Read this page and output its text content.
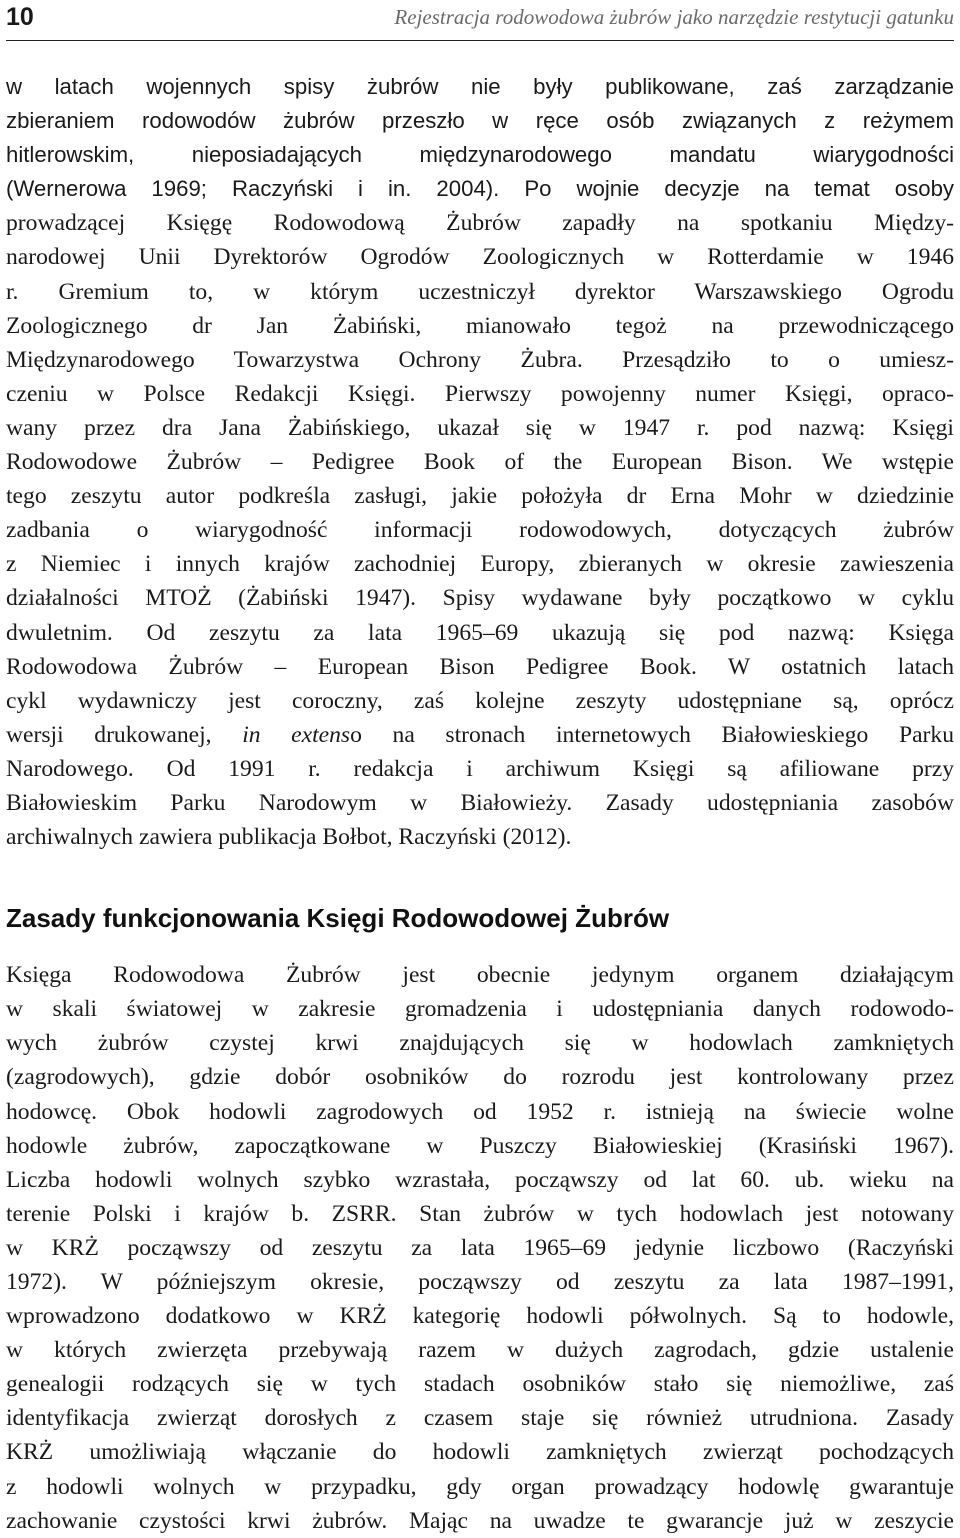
10	Rejestracja rodowodowa żubrów jako narzędzie restytucji gatunku

w latach wojennych spisy żubrów nie były publikowane, zaś zarządzanie
zbieraniem rodowodów żubrów przeszło w ręce osób związanych z reżymem
hitlerowskim, nieposiadających międzynarodowego mandatu wiarygodności
(Wernerowa 1969; Raczyński i in. 2004). Po wojnie decyzje na temat osoby
prowadzącej Księgę Rodowodową Żubrów zapadły na spotkaniu Między-
narodowej Unii Dyrektorów Ogrodów Zoologicznych w Rotterdamie w 1946
r. Gremium to, w którym uczestniczył dyrektor Warszawskiego Ogrodu
Zoologicznego dr Jan Żabiński, mianowało tegoż na przewodniczącego
Międzynarodowego Towarzystwa Ochrony Żubra. Przesądziło to o umiesz-
czeniu w Polsce Redakcji Księgi. Pierwszy powojenny numer Księgi, opraco-
wany przez dra Jana Żabińskiego, ukazał się w 1947 r. pod nazwą: Księgi
Rodowodowe Żubrów – Pedigree Book of the European Bison. We wstępie
tego zeszytu autor podkreśla zasługi, jakie położyła dr Erna Mohr w dziedzinie
zadbania o wiarygodność informacji rodowodowych, dotyczących żubrów
z Niemiec i innych krajów zachodniej Europy, zbieranych w okresie zawieszenia
działalności MTOŻ (Żabiński 1947). Spisy wydawane były początkowo w cyklu
dwuletnim. Od zeszytu za lata 1965–69 ukazują się pod nazwą: Księga
Rodowodowa Żubrów – European Bison Pedigree Book. W ostatnich latach
cykl wydawniczy jest coroczny, zaś kolejne zeszyty udostępniane są, oprócz
wersji drukowanej, in extenso na stronach internetowych Białowieskiego Parku
Narodowego. Od 1991 r. redakcja i archiwum Księgi są afiliowane przy
Białowieskim Parku Narodowym w Białowieży. Zasady udostępniania zasobów
archiwalnych zawiera publikacja Bołbot, Raczyński (2012).

Zasady funkcjonowania Księgi Rodowodowej Żubrów

Księga Rodowodowa Żubrów jest obecnie jedynym organem działającym
w skali światowej w zakresie gromadzenia i udostępniania danych rodowodo-
wych żubrów czystej krwi znajdujących się w hodowlach zamkniętych
(zagrodowych), gdzie dobór osobników do rozrodu jest kontrolowany przez
hodowcę. Obok hodowli zagrodowych od 1952 r. istnieją na świecie wolne
hodowle żubrów, zapoczątkowane w Puszczy Białowieskiej (Krasiński 1967).
Liczba hodowli wolnych szybko wzrastała, począwszy od lat 60. ub. wieku na
terenie Polski i krajów b. ZSRR. Stan żubrów w tych hodowlach jest notowany
w KRŻ począwszy od zeszytu za lata 1965–69 jedynie liczbowo (Raczyński
1972). W późniejszym okresie, począwszy od zeszytu za lata 1987–1991,
wprowadzono dodatkowo w KRŻ kategorię hodowli półwolnych. Są to hodowle,
w których zwierzęta przebywają razem w dużych zagrodach, gdzie ustalenie
genealogii rodzących się w tych stadach osobników stało się niemożliwe, zaś
identyfikacja zwierząt dorosłych z czasem staje się również utrudniona. Zasady
KRŻ umożliwiają włączanie do hodowli zamkniętych zwierząt pochodzących
z hodowli wolnych w przypadku, gdy organ prowadzący hodowlę gwarantuje
zachowanie czystości krwi żubrów. Mając na uwadze te gwarancje już w zeszycie
